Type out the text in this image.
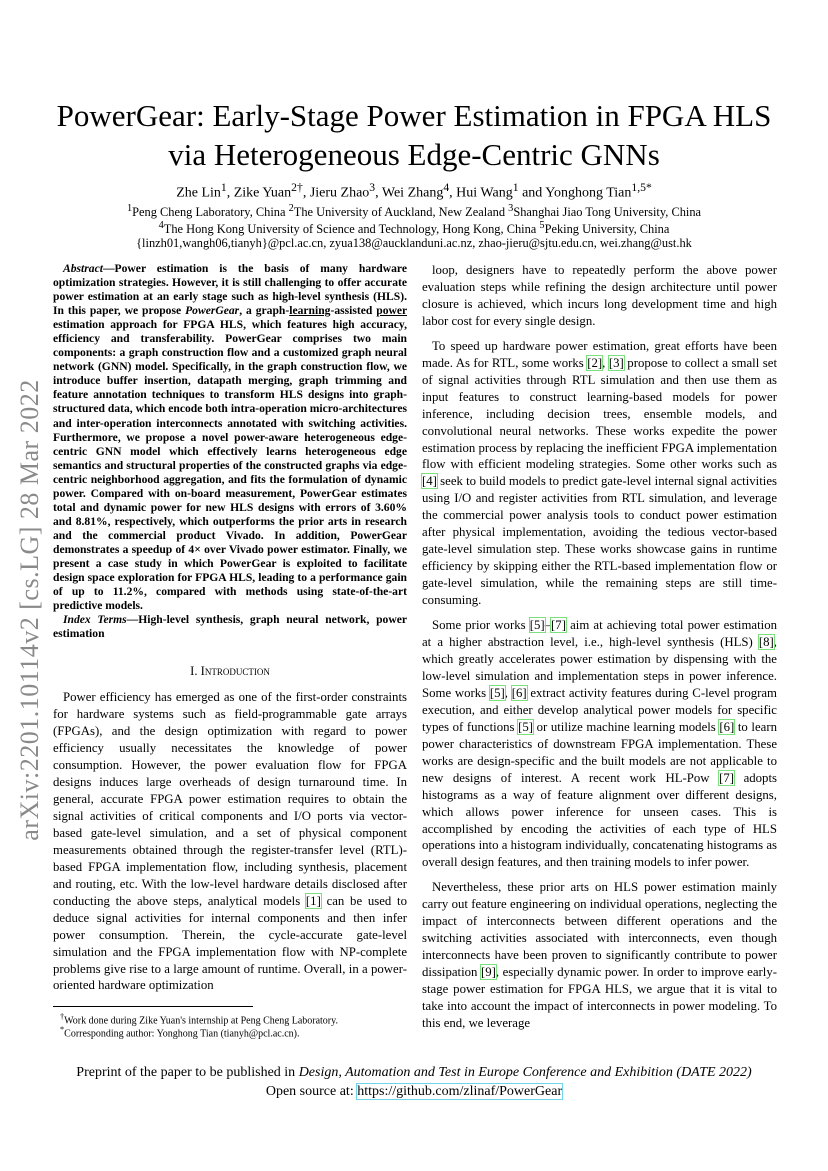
arXiv:2201.10114v2 [cs.LG] 28 Mar 2022
PowerGear: Early-Stage Power Estimation in FPGA HLS via Heterogeneous Edge-Centric GNNs
Zhe Lin$^1$, Zike Yuan$^{2\dagger}$, Jieru Zhao$^3$, Wei Zhang$^4$, Hui Wang$^1$ and Yonghong Tian$^{1,5*}$
$^1$Peng Cheng Laboratory, China $^2$The University of Auckland, New Zealand $^3$Shanghai Jiao Tong University, China
$^4$The Hong Kong University of Science and Technology, Hong Kong, China $^5$Peking University, China
{linzh01,wangh06,tianyh}@pcl.ac.cn, zyua138@aucklanduni.ac.nz, zhao-jieru@sjtu.edu.cn, wei.zhang@ust.hk

Abstract—Power estimation is the basis of many hardware optimization strategies. However, it is still challenging to offer accurate power estimation at an early stage such as high-level synthesis (HLS). In this paper, we propose PowerGear, a graph-learning-assisted power estimation approach for FPGA HLS, which features high accuracy, efficiency and transferability. PowerGear comprises two main components: a graph construction flow and a customized graph neural network (GNN) model. Specifically, in the graph construction flow, we introduce buffer insertion, datapath merging, graph trimming and feature annotation techniques to transform HLS designs into graph-structured data, which encode both intra-operation micro-architectures and inter-operation interconnects annotated with switching activities. Furthermore, we propose a novel power-aware heterogeneous edge-centric GNN model which effectively learns heterogeneous edge semantics and structural properties of the constructed graphs via edge-centric neighborhood aggregation, and fits the formulation of dynamic power. Compared with on-board measurement, PowerGear estimates total and dynamic power for new HLS designs with errors of 3.60% and 8.81%, respectively, which outperforms the prior arts in research and the commercial product Vivado. In addition, PowerGear demonstrates a speedup of 4× over Vivado power estimator. Finally, we present a case study in which PowerGear is exploited to facilitate design space exploration for FPGA HLS, leading to a performance gain of up to 11.2%, compared with methods using state-of-the-art predictive models.

Index Terms—High-level synthesis, graph neural network, power estimation

I. Introduction

Power efficiency has emerged as one of the first-order constraints for hardware systems such as field-programmable gate arrays (FPGAs), and the design optimization with regard to power efficiency usually necessitates the knowledge of power consumption. However, the power evaluation flow for FPGA designs induces large overheads of design turnaround time. In general, accurate FPGA power estimation requires to obtain the signal activities of critical components and I/O ports via vector-based gate-level simulation, and a set of physical component measurements obtained through the register-transfer level (RTL)-based FPGA implementation flow, including synthesis, placement and routing, etc. With the low-level hardware details disclosed after conducting the above steps, analytical models [1] can be used to deduce signal activities for internal components and then infer power consumption. Therein, the cycle-accurate gate-level simulation and the FPGA implementation flow with NP-complete problems give rise to a large amount of runtime. Overall, in a power-oriented hardware optimization

loop, designers have to repeatedly perform the above power evaluation steps while refining the design architecture until power closure is achieved, which incurs long development time and high labor cost for every single design.

To speed up hardware power estimation, great efforts have been made. As for RTL, some works [2], [3] propose to collect a small set of signal activities through RTL simulation and then use them as input features to construct learning-based models for power inference, including decision trees, ensemble models, and convolutional neural networks. These works expedite the power estimation process by replacing the inefficient FPGA implementation flow with efficient modeling strategies. Some other works such as [4] seek to build models to predict gate-level internal signal activities using I/O and register activities from RTL simulation, and leverage the commercial power analysis tools to conduct power estimation after physical implementation, avoiding the tedious vector-based gate-level simulation step. These works showcase gains in runtime efficiency by skipping either the RTL-based implementation flow or gate-level simulation, while the remaining steps are still time-consuming.

Some prior works [5]–[7] aim at achieving total power estimation at a higher abstraction level, i.e., high-level synthesis (HLS) [8], which greatly accelerates power estimation by dispensing with the low-level simulation and implementation steps in power inference. Some works [5], [6] extract activity features during C-level program execution, and either develop analytical power models for specific types of functions [5] or utilize machine learning models [6] to learn power characteristics of downstream FPGA implementation. These works are design-specific and the built models are not applicable to new designs of interest. A recent work HL-Pow [7] adopts histograms as a way of feature alignment over different designs, which allows power inference for unseen cases. This is accomplished by encoding the activities of each type of HLS operations into a histogram individually, concatenating histograms as overall design features, and then training models to infer power.

Nevertheless, these prior arts on HLS power estimation mainly carry out feature engineering on individual operations, neglecting the impact of interconnects between different operations and the switching activities associated with interconnects, even though interconnects have been proven to significantly contribute to power dissipation [9], especially dynamic power. In order to improve early-stage power estimation for FPGA HLS, we argue that it is vital to take into account the impact of interconnects in power modeling. To this end, we leverage

†Work done during Zike Yuan's internship at Peng Cheng Laboratory.
*Corresponding author: Yonghong Tian (tianyh@pcl.ac.cn).
Preprint of the paper to be published in Design, Automation and Test in Europe Conference and Exhibition (DATE 2022)
Open source at: https://github.com/zlinaf/PowerGear
